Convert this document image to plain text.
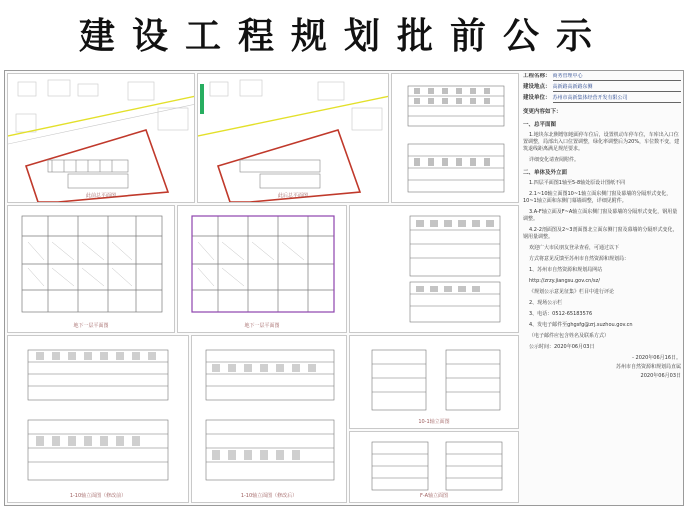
建设工程规划批前公示
此前总平面图	此后总平面图
地下一层平面图	地下一层平面图
1-10轴立面图（修改前）	1-10轴立面图（修改后）
10-1轴立面图
F-A轴立面图
工程名称： 商务管理中心
建设地点： 高新路高新路东侧
建设单位： 苏州市高新集体经营开发有限公司
变更内容如下：
一、总平面图

1.地块东北侧增加地面停车位后，设置机动车停车位，车库出入口位置调整，局部出入口位置调整，绿化率调整后为20%，车位数不变，建筑退线距离满足规范要求。

详细变化请查阅附件。

二、单体及外立面

1.四层平面图1轴至5-8轴处原设计图纸不同

2.1~10轴立面图10~1轴立面东侧门窗及幕墙的分隔形式变化，10~1轴立面和东侧门幕墙调整，详细见附件。

3.A-F轴立面及F~A轴立面东侧门窗及幕墙的分隔形式变化，钢用量调整。

4.2-2剖面图及2~3剖面图北立面东侧门窗及幕墙的分隔形式变化，钢用量调整。

欢迎广大市民朋友登录查看，可通过以下

方式将意见反馈至苏州市自然资源和规划局：

1、苏州市自然资源和规划局网站

http://zrzy.jiangsu.gov.cn/sz/

《规划公示意见征集》栏目中进行评论

2、现场公示栏

3、电话：0512-65183576

4、发电子邮件至ghgsfg@zrj.suzhou.gov.cn

（电子邮件应包含姓名及联系方式）

公示时间：2020年06月03日

- 2020年06月16日。
苏州市自然资源和规划局直属
2020年06月03日
